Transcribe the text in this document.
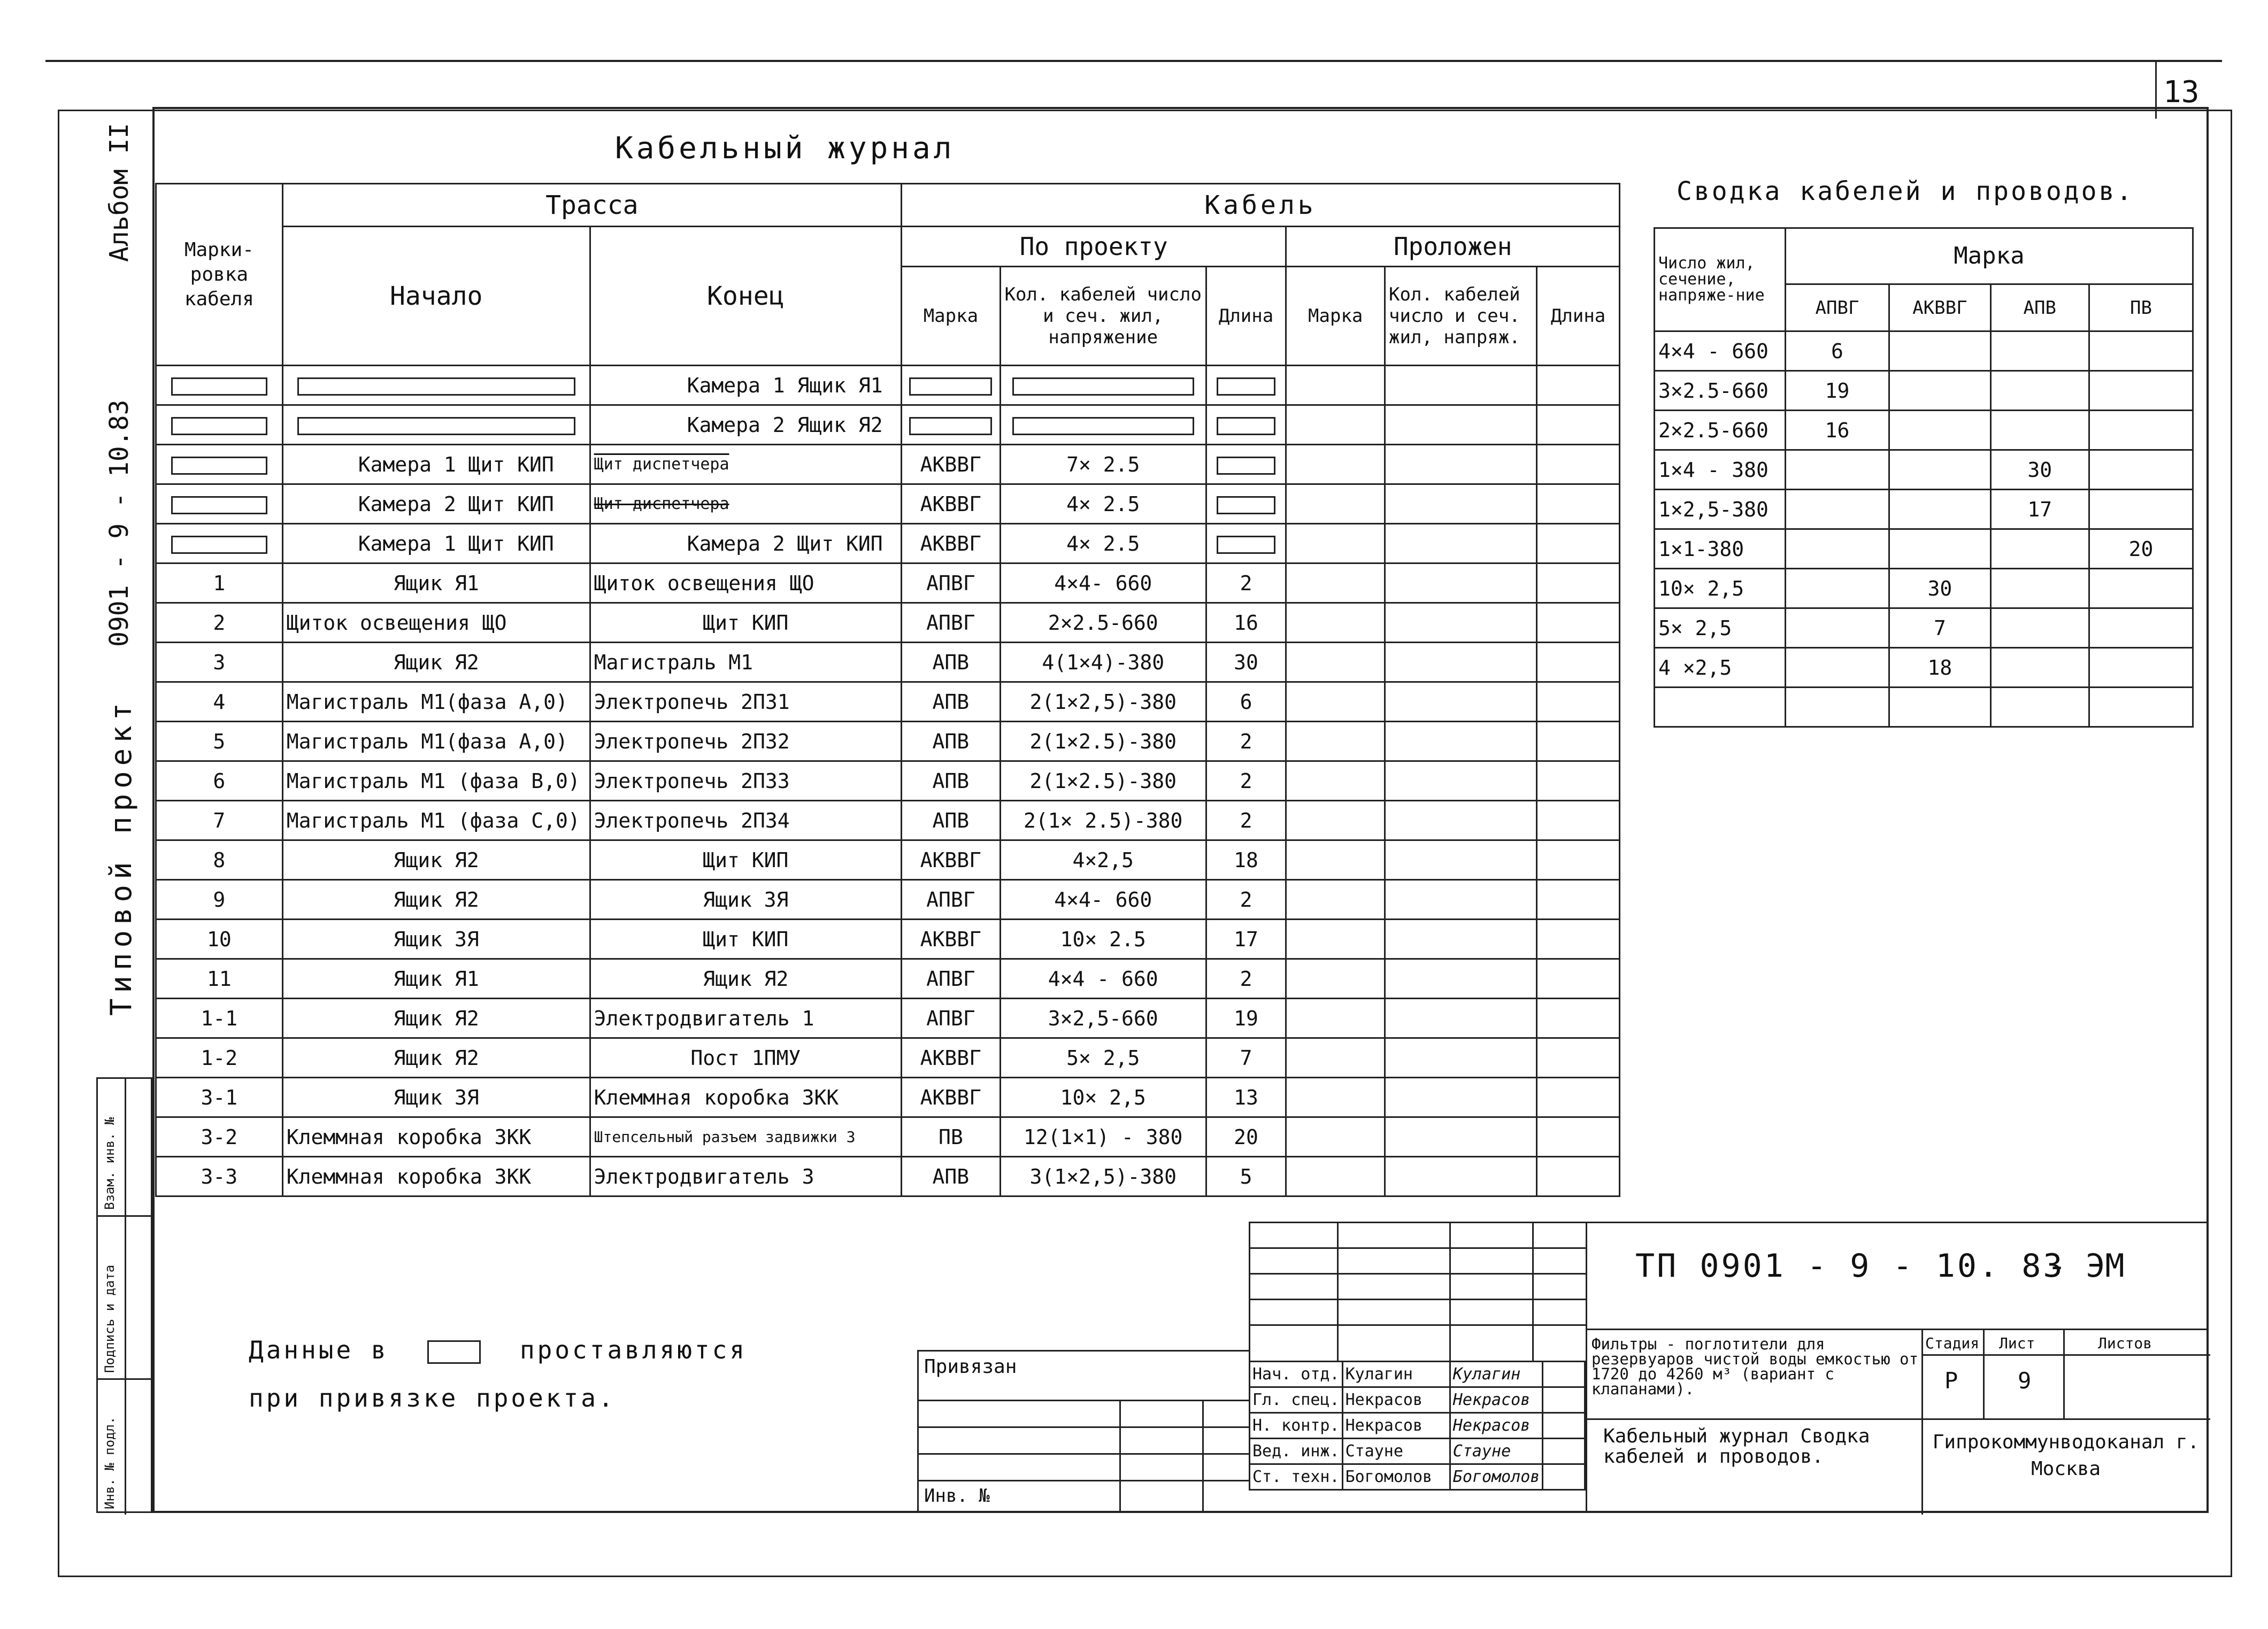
13
Альбом II
0901 - 9 - 10.83
Типовой проект
Взам. инв. №
Подпись и дата
Инв. № подл.
Кабельный журнал
Марки-ровка кабеля	Трасса		Кабель					
	Начало	Конец	По проекту			Проложен		
			Марка	Кол. кабелей число и сеч. жил, напряжение	Длина	Марка	Кол. кабелей число и сеч. жил, напряж.	Длина
		Камера 1 Ящик Я1						
		Камера 2 Ящик Я2						
	Камера 1 Щит КИП	Щит диспетчера	АКВВГ	7× 2.5				
	Камера 2 Щит КИП	Щит диспетчера	АКВВГ	4× 2.5				
	Камера 1 Щит КИП	Камера 2 Щит КИП	АКВВГ	4× 2.5				
1	Ящик Я1	Щиток освещения ЩО	АПВГ	4×4- 660	2			
2	Щиток освещения ЩО	Щит КИП	АПВГ	2×2.5-660	16			
3	Ящик Я2	Магистраль М1	АПВ	4(1×4)-380	30			
4	Магистраль М1(фаза А,0)	Электропечь 2П31	АПВ	2(1×2,5)-380	6			
5	Магистраль М1(фаза А,0)	Электропечь 2П32	АПВ	2(1×2.5)-380	2			
6	Магистраль М1 (фаза В,0)	Электропечь 2П33	АПВ	2(1×2.5)-380	2			
7	Магистраль М1 (фаза С,0)	Электропечь 2П34	АПВ	2(1× 2.5)-380	2			
8	Ящик Я2	Щит КИП	АКВВГ	4×2,5	18			
9	Ящик Я2	Ящик 3Я	АПВГ	4×4- 660	2			
10	Ящик 3Я	Щит КИП	АКВВГ	10× 2.5	17			
11	Ящик Я1	Ящик Я2	АПВГ	4×4 - 660	2			
1-1	Ящик Я2	Электродвигатель 1	АПВГ	3×2,5-660	19			
1-2	Ящик Я2	Пост 1ПМУ	АКВВГ	5× 2,5	7			
3-1	Ящик 3Я	Клеммная коробка 3КК	АКВВГ	10× 2,5	13			
3-2	Клеммная коробка 3КК	Штепсельный разъем задвижки 3	ПВ	12(1×1) - 380	20			
3-3	Клеммная коробка 3КК	Электродвигатель 3	АПВ	3(1×2,5)-380	5			
Сводка кабелей и проводов.
Число жил, сечение, напряже-ние	Марка			
	АПВГ	АКВВГ	АПВ	ПВ
4×4 - 660	6			
3×2.5-660	19			
2×2.5-660	16			
1×4 - 380			30	
1×2,5-380			17	
1×1-380				20
10× 2,5		30		
5× 2,5		7		
4 ×2,5		18		

Данные в	проставляются
при привязке проекта.
Привязан
Инв. №
Нач. отд.	Кулагин	Кулагин	
Гл. спец.	Некрасов	Некрасов	
Н. контр.	Некрасов	Некрасов	
Вед. инж.	Стауне	Стауне	
Ст. техн.	Богомолов	Богомолов	
ТП 0901 - 9 - 10. 83
- ЭМ
Фильтры - поглотители для резервуаров чистой воды емкостью от 1720 до 4260 м³ (вариант с клапанами).
Кабельный журнал Сводка кабелей и проводов.
Стадия Лист	Листов
Р	9
Гипрокоммунводоканал г. Москва
